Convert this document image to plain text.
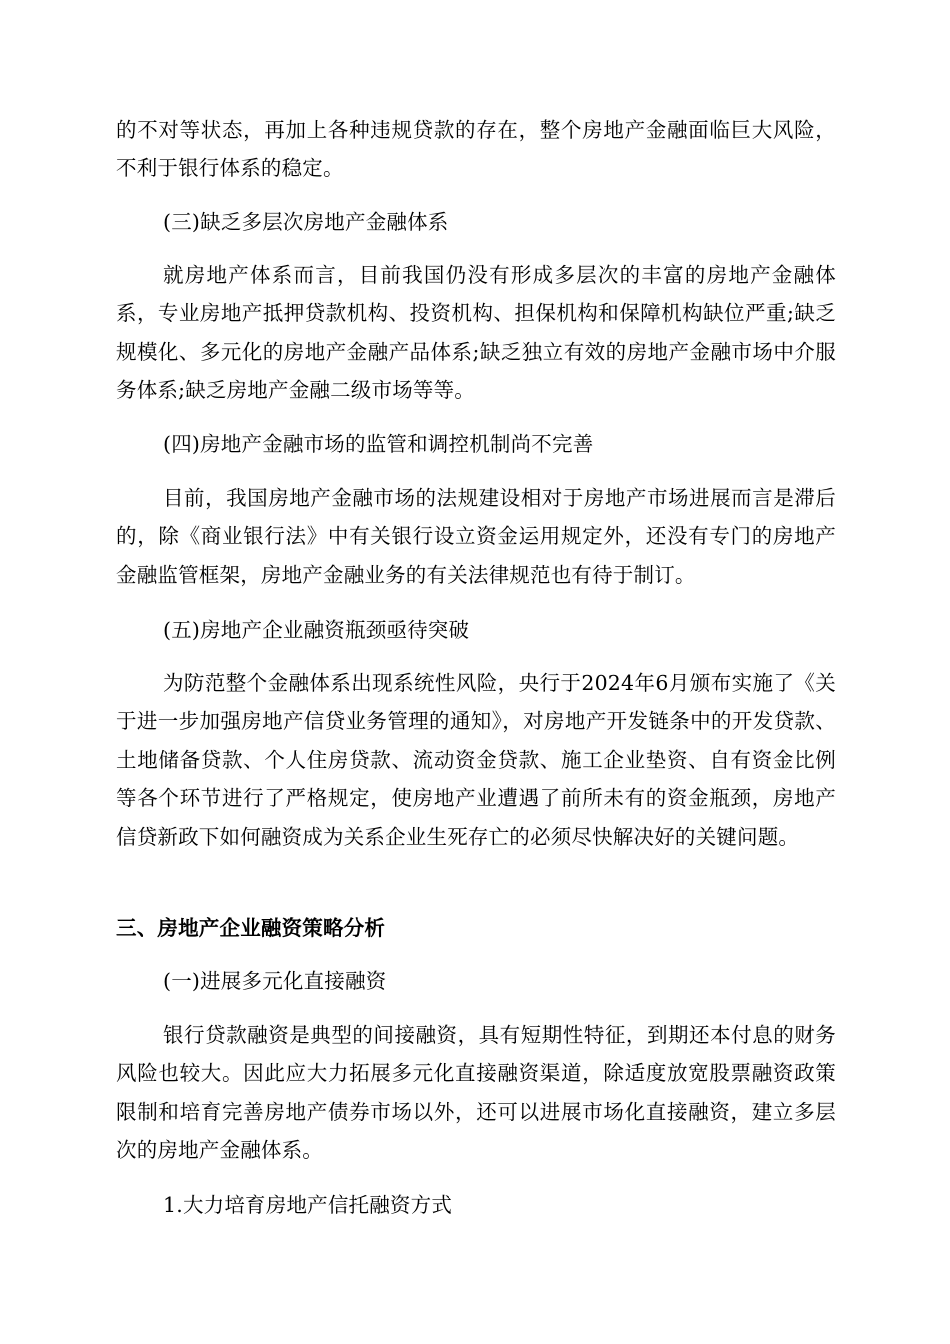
的不对等状态，再加上各种违规贷款的存在，整个房地产金融面临巨大风险，不利于银行体系的稳定。

(三)缺乏多层次房地产金融体系

就房地产体系而言，目前我国仍没有形成多层次的丰富的房地产金融体系，专业房地产抵押贷款机构、投资机构、担保机构和保障机构缺位严重;缺乏规模化、多元化的房地产金融产品体系;缺乏独立有效的房地产金融市场中介服务体系;缺乏房地产金融二级市场等等。

(四)房地产金融市场的监管和调控机制尚不完善

目前，我国房地产金融市场的法规建设相对于房地产市场进展而言是滞后的，除《商业银行法》中有关银行设立资金运用规定外，还没有专门的房地产金融监管框架，房地产金融业务的有关法律规范也有待于制订。

(五)房地产企业融资瓶颈亟待突破

为防范整个金融体系出现系统性风险，央行于2024年6月颁布实施了《关于进一步加强房地产信贷业务管理的通知》，对房地产开发链条中的开发贷款、土地储备贷款、个人住房贷款、流动资金贷款、施工企业垫资、自有资金比例等各个环节进行了严格规定，使房地产业遭遇了前所未有的资金瓶颈，房地产信贷新政下如何融资成为关系企业生死存亡的必须尽快解决好的关键问题。

三、房地产企业融资策略分析

(一)进展多元化直接融资

银行贷款融资是典型的间接融资，具有短期性特征，到期还本付息的财务风险也较大。因此应大力拓展多元化直接融资渠道，除适度放宽股票融资政策限制和培育完善房地产债券市场以外，还可以进展市场化直接融资，建立多层次的房地产金融体系。

1.大力培育房地产信托融资方式
